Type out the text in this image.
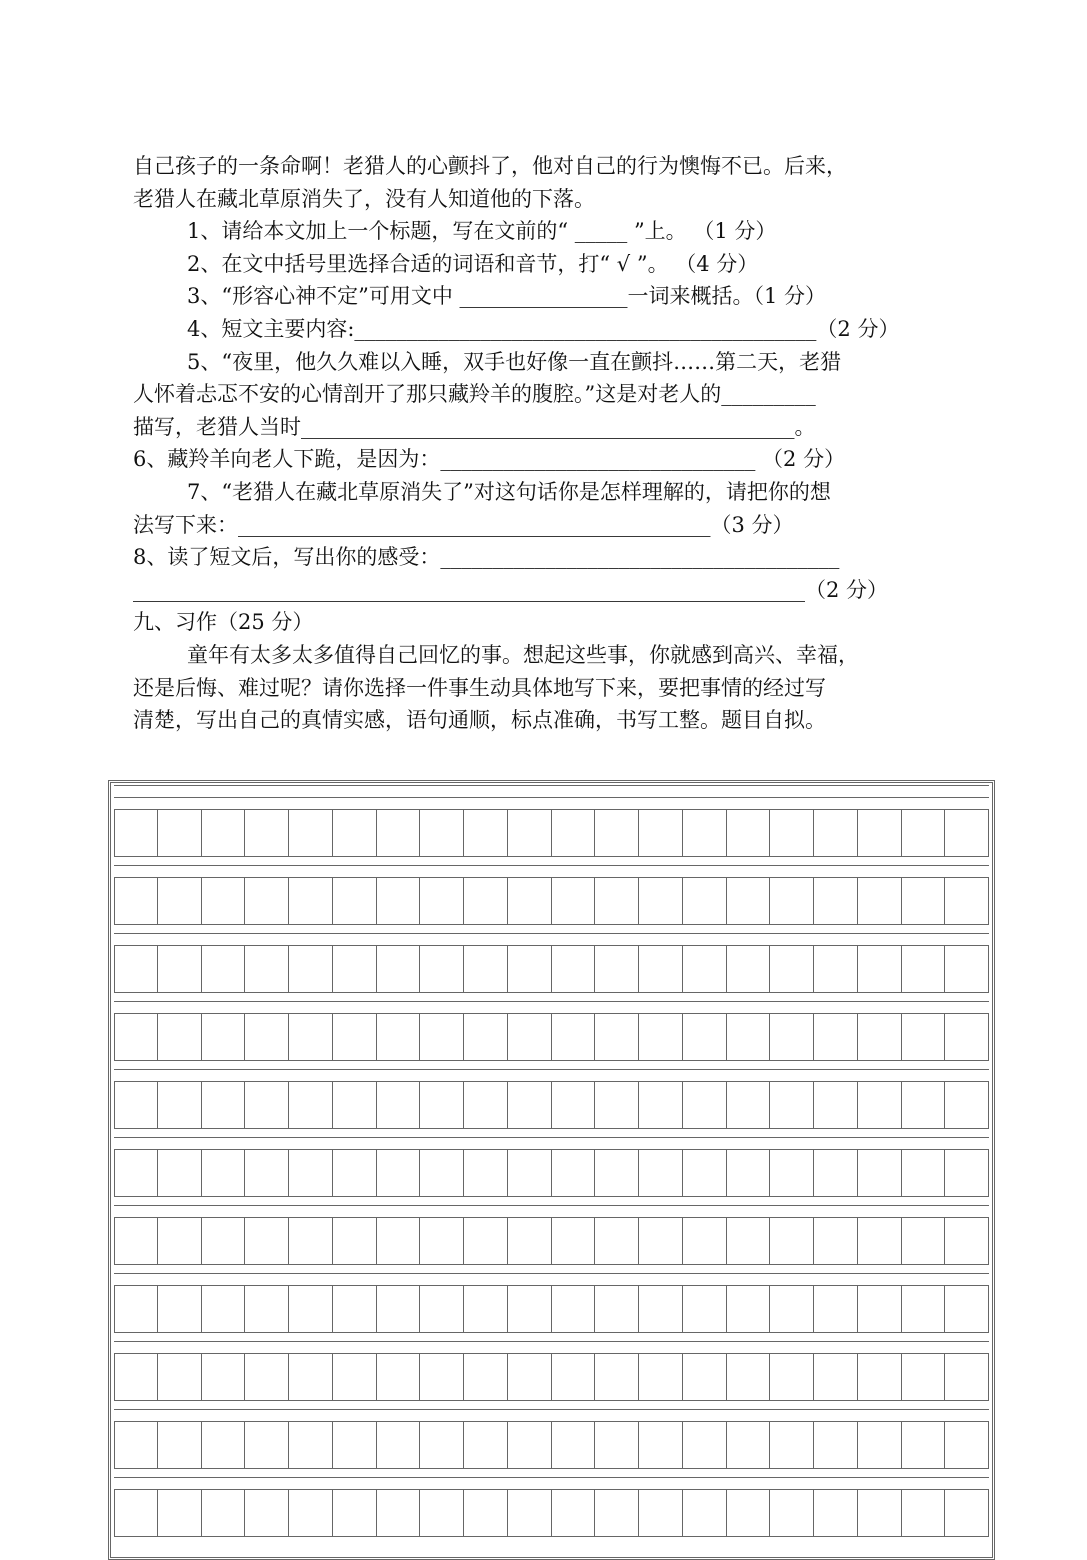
自己孩子的一条命啊！老猎人的心颤抖了，他对自己的行为懊悔不已。后来，
老猎人在藏北草原消失了，没有人知道他的下落。
1、请给本文加上一个标题，写在文前的“ _____ ”上。 （1 分）
2、在文中括号里选择合适的词语和音节，打“ √ ”。 （4 分）
3、“形容心神不定”可用文中 ________________一词来概括。（1 分）
4、短文主要内容:____________________________________________（2 分）
5、“夜里，他久久难以入睡，双手也好像一直在颤抖……第二天，老猎
人怀着忐忑不安的心情剖开了那只藏羚羊的腹腔。”这是对老人的_________
描写，老猎人当时_______________________________________________。
6、藏羚羊向老人下跪，是因为：______________________________ （2 分）
7、“老猎人在藏北草原消失了”对这句话你是怎样理解的，请把你的想
法写下来：_____________________________________________（3 分）
8、读了短文后，写出你的感受：______________________________________
________________________________________________________________（2 分）
九、习作（25 分）
童年有太多太多值得自己回忆的事。想起这些事，你就感到高兴、幸福，
还是后悔、难过呢？请你选择一件事生动具体地写下来，要把事情的经过写
清楚，写出自己的真情实感，语句通顺，标点准确，书写工整。题目自拟。
